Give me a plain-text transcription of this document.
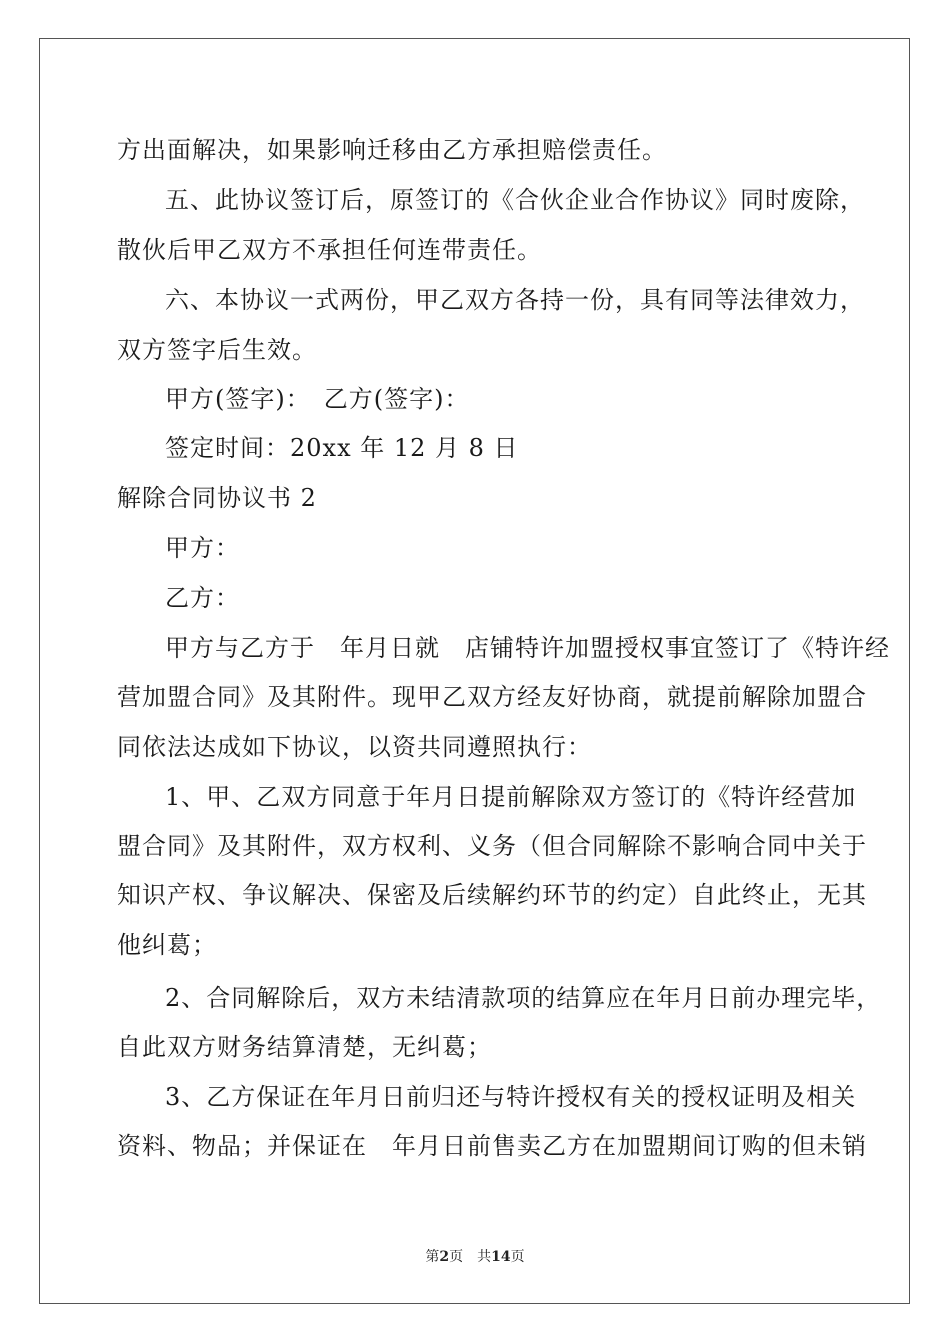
方出面解决，如果影响迁移由乙方承担赔偿责任。
五、此协议签订后，原签订的《合伙企业合作协议》同时废除，
散伙后甲乙双方不承担任何连带责任。
六、本协议一式两份，甲乙双方各持一份，具有同等法律效力，
双方签字后生效。
甲方(签字)：　乙方(签字)：
签定时间：20xx 年 12 月 8 日
解除合同协议书 2
甲方：
乙方：
甲方与乙方于　年月日就　店铺特许加盟授权事宜签订了《特许经
营加盟合同》及其附件。现甲乙双方经友好协商，就提前解除加盟合
同依法达成如下协议，以资共同遵照执行：
1、甲、乙双方同意于年月日提前解除双方签订的《特许经营加
盟合同》及其附件，双方权利、义务（但合同解除不影响合同中关于
知识产权、争议解决、保密及后续解约环节的约定）自此终止，无其
他纠葛；
2、合同解除后，双方未结清款项的结算应在年月日前办理完毕，
自此双方财务结算清楚，无纠葛；
3、乙方保证在年月日前归还与特许授权有关的授权证明及相关
资料、物品；并保证在　年月日前售卖乙方在加盟期间订购的但未销
第2页 共14页
